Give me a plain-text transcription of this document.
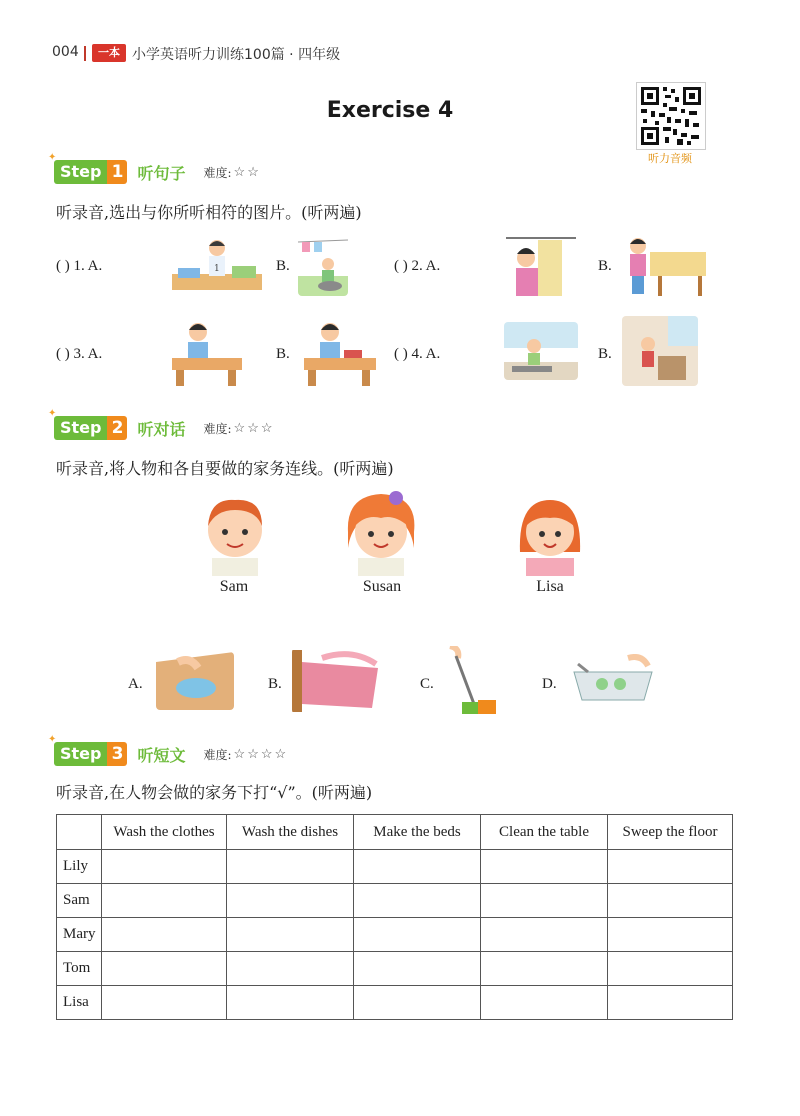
004	一本 小学英语听力训练100篇 · 四年级
Exercise 4
听力音频
✦
Step 1 听句子 难度: ☆☆
听录音,选出与你所听相符的图片。(听两遍)
( ) 1. A.	1	B.	( ) 2. A.	B.
( ) 3. A.	B.	( ) 4. A.	B.
✦
Step 2 听对话 难度: ☆☆☆
听录音,将人物和各自要做的家务连线。(听两遍)
Sam	Susan	Lisa
A.	B.	C.	D.
✦
Step 3 听短文 难度: ☆☆☆☆
听录音,在人物会做的家务下打“√”。(听两遍)
	Wash the clothes	Wash the dishes	Make the beds	Clean the table	Sweep the floor
Lily					
Sam					
Mary					
Tom					
Lisa					
